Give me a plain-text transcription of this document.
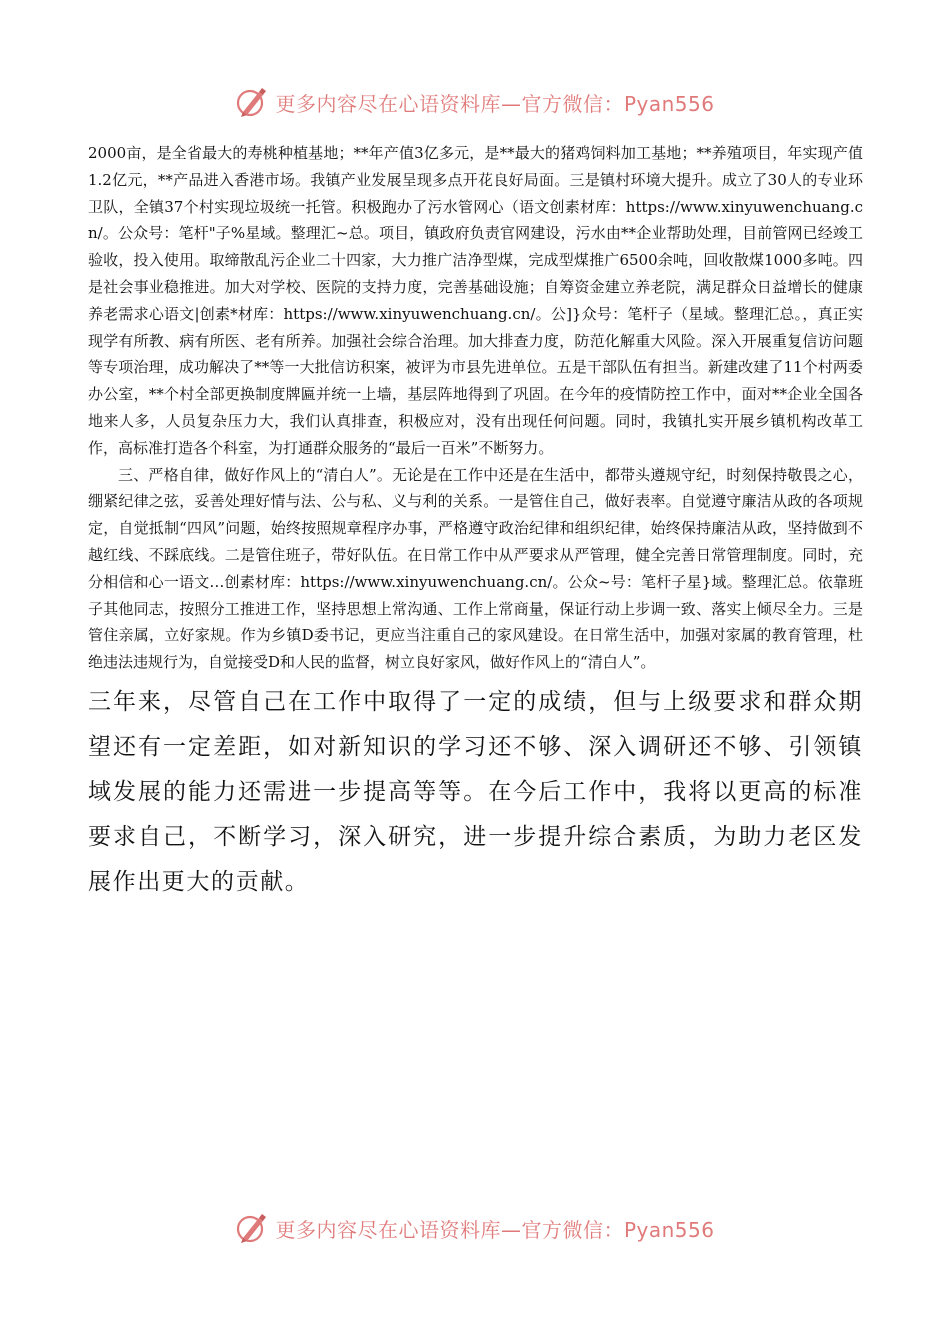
更多内容尽在心语资料库—官方微信：Pyan556

2000亩，是全省最大的寿桃种植基地；**年产值3亿多元，是**最大的猪鸡饲料加工基地；**养殖项目，年实现产值1.2亿元，**产品进入香港市场。我镇产业发展呈现多点开花良好局面。三是镇村环境大提升。成立了30人的专业环卫队，全镇37个村实现垃圾统一托管。积极跑办了污水管网心（语文创素材库：https://www.xinyuwenchuang.cn/。公众号：笔杆"子%星域。整理汇~总。项目，镇政府负责官网建设，污水由**企业帮助处理，目前管网已经竣工验收，投入使用。取缔散乱污企业二十四家，大力推广洁净型煤，完成型煤推广6500余吨，回收散煤1000多吨。四是社会事业稳推进。加大对学校、医院的支持力度，完善基础设施；自筹资金建立养老院，满足群众日益增长的健康养老需求心语文|创素*材库：https://www.xinyuwenchuang.cn/。公]}众号：笔杆子（星域。整理汇总。，真正实现学有所教、病有所医、老有所养。加强社会综合治理。加大排查力度，防范化解重大风险。深入开展重复信访问题等专项治理，成功解决了**等一大批信访积案，被评为市县先进单位。五是干部队伍有担当。新建改建了11个村两委办公室，**个村全部更换制度牌匾并统一上墙，基层阵地得到了巩固。在今年的疫情防控工作中，面对**企业全国各地来人多，人员复杂压力大，我们认真排查，积极应对，没有出现任何问题。同时，我镇扎实开展乡镇机构改革工作，高标准打造各个科室，为打通群众服务的“最后一百米”不断努力。

三、严格自律，做好作风上的“清白人”。无论是在工作中还是在生活中，都带头遵规守纪，时刻保持敬畏之心，绷紧纪律之弦，妥善处理好情与法、公与私、义与利的关系。一是管住自己，做好表率。自觉遵守廉洁从政的各项规定，自觉抵制“四风”问题，始终按照规章程序办事，严格遵守政治纪律和组织纪律，始终保持廉洁从政，坚持做到不越红线、不踩底线。二是管住班子，带好队伍。在日常工作中从严要求从严管理，健全完善日常管理制度。同时，充分相信和心一语文…创素材库：https://www.xinyuwenchuang.cn/。公众~号：笔杆子星}域。整理汇总。依靠班子其他同志，按照分工推进工作，坚持思想上常沟通、工作上常商量，保证行动上步调一致、落实上倾尽全力。三是管住亲属，立好家规。作为乡镇D委书记，更应当注重自己的家风建设。在日常生活中，加强对家属的教育管理，杜绝违法违规行为，自觉接受D和人民的监督，树立良好家风，做好作风上的“清白人”。

三年来，尽管自己在工作中取得了一定的成绩，但与上级要求和群众期望还有一定差距，如对新知识的学习还不够、深入调研还不够、引领镇域发展的能力还需进一步提高等等。在今后工作中，我将以更高的标准要求自己，不断学习，深入研究，进一步提升综合素质，为助力老区发展作出更大的贡献。

更多内容尽在心语资料库—官方微信：Pyan556
